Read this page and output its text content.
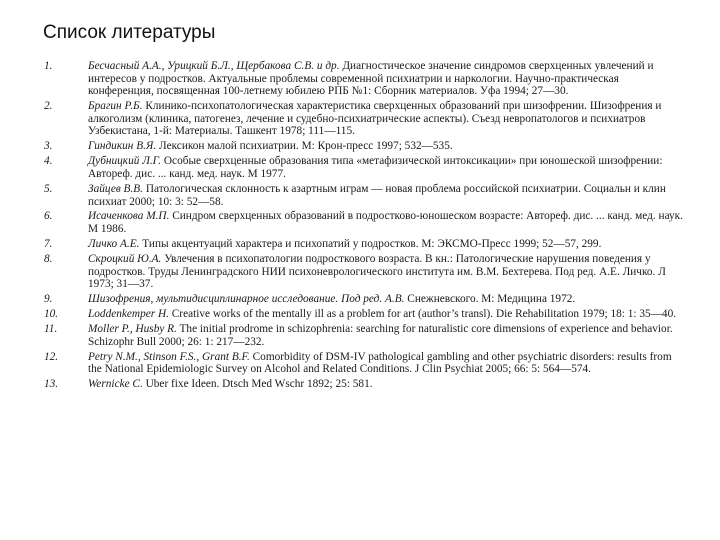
Список литературы
1.	Бесчасный А.А., Урицкий Б.Л., Щербакова С.В. и др. Диагностическое значение синдромов сверхценных увлечений и интересов у подростков. Актуальные проблемы современной психиатрии и наркологии. Научно-практическая конференция, посвященная 100-летнему юбилею РПБ №1: Сборник материалов. Уфа 1994; 27—30.
2.	Брагин Р.Б. Клинико-психопатологическая характеристика сверхценных образований при шизофрении. Шизофрения и алкоголизм (клиника, патогенез, лечение и судебно-психиатрические аспекты). Съезд невропатологов и психиатров Узбекистана, 1-й: Материалы. Ташкент 1978; 111—115.
3.	Гиндикин В.Я. Лексикон малой психиатрии. М: Крон-пресс 1997; 532—535.
4.	Дубницкий Л.Г. Особые сверхценные образования типа «метафизической интоксикации» при юношеской шизофрении: Автореф. дис. ... канд. мед. наук. М 1977.
5.	Зайцев В.В. Патологическая склонность к азартным играм — новая проблема российской психиатрии. Социальн и клин психиат 2000; 10: 3: 52—58.
6.	Исаченкова М.П. Синдром сверхценных образований в подростково-юношеском возрасте: Автореф. дис. ... канд. мед. наук. М 1986.
7.	Личко А.Е. Типы акцентуаций характера и психопатий у подростков. М: ЭКСМО-Пресс 1999; 52—57, 299.
8.	Скроцкий Ю.А. Увлечения в психопатологии подросткового возраста. В кн.: Патологические нарушения поведения у подростков. Труды Ленинградского НИИ психоневрологического института им. В.М. Бехтерева. Под ред. А.Е. Личко. Л 1973; 31—37.
9.	Шизофрения, мультидисциплинарное исследование. Под ред. А.В. Снежневского. М: Медицина 1972.
10.	Loddenkemper H. Creative works of the mentally ill as a problem for art (author’s transl). Die Rehabilitation 1979; 18: 1: 35—40.
11.	Moller P., Husby R. The initial prodrome in schizophrenia: searching for naturalistic core dimensions of experience and behavior. Schizophr Bull 2000; 26: 1: 217—232.
12.	Petry N.M., Stinson F.S., Grant B.F. Comorbidity of DSM-IV pathological gambling and other psychiatric disorders: results from the National Epidemiologic Survey on Alcohol and Related Conditions. J Clin Psychiat 2005; 66: 5: 564—574.
13.	Wernicke C. Uber fixe Ideen. Dtsch Med Wschr 1892; 25: 581.
